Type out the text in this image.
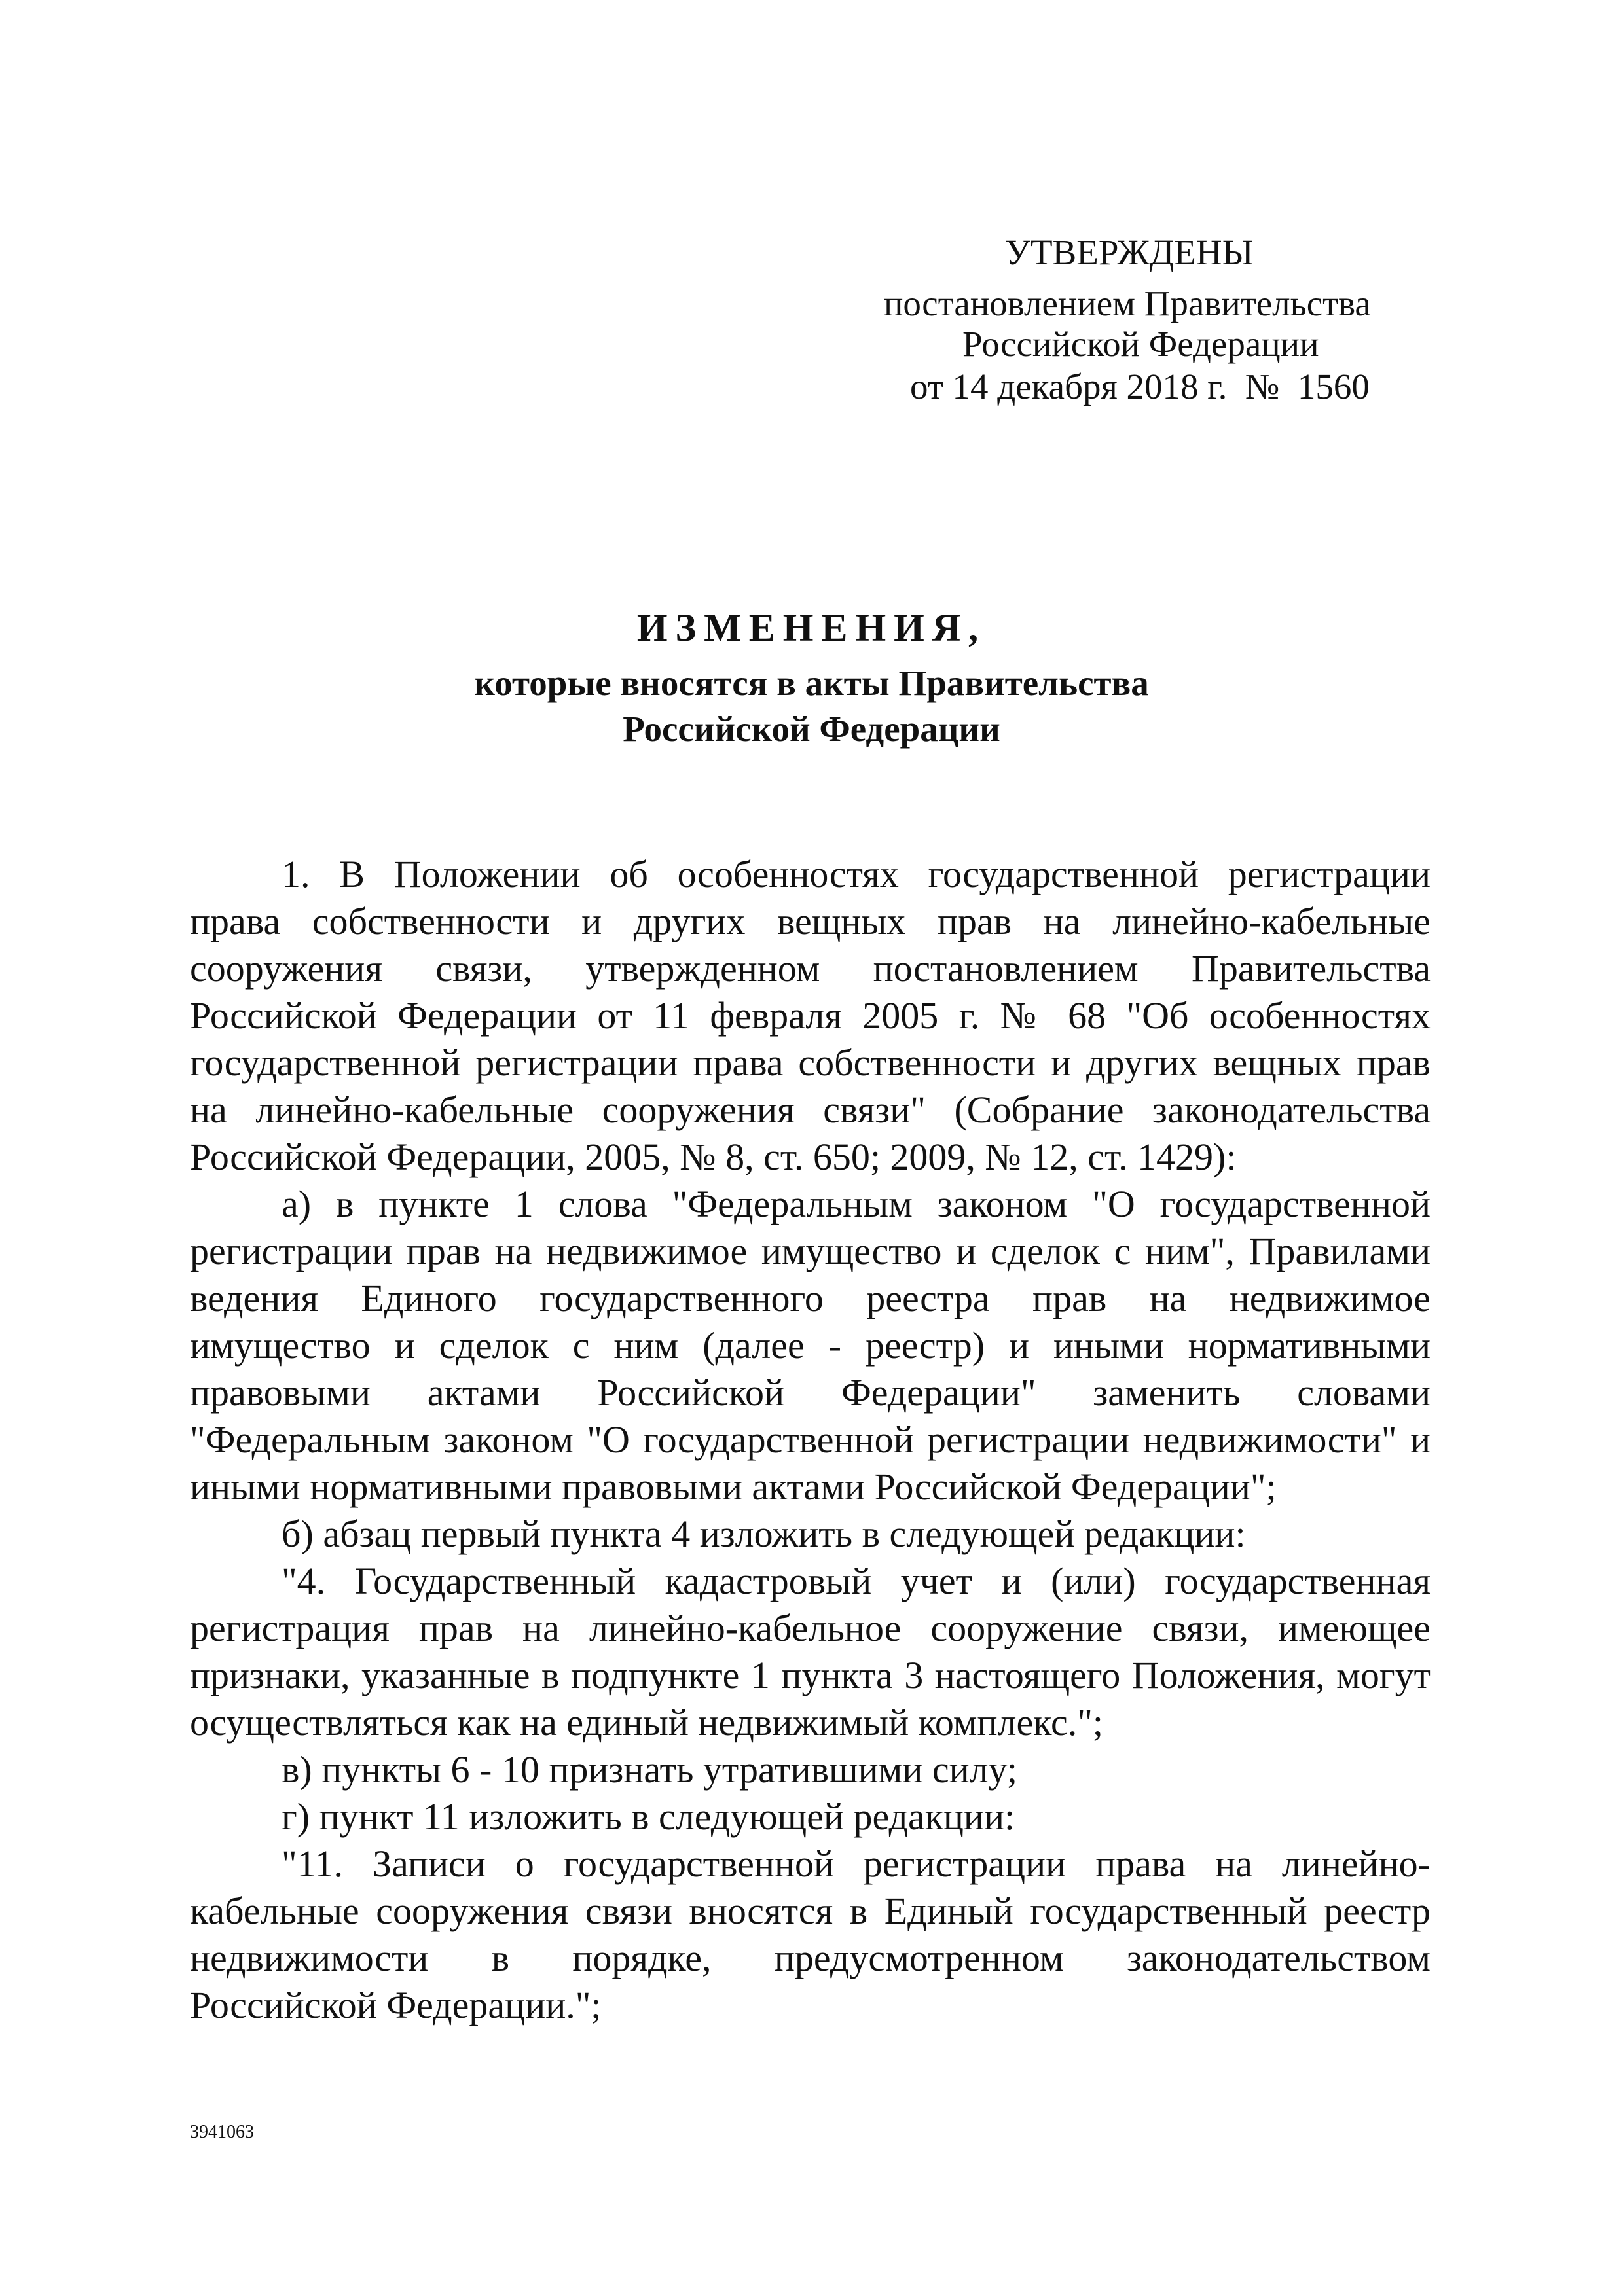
УТВЕРЖДЕНЫ
постановлением Правительства
Российской Федерации
от 14 декабря 2018 г.  №  1560
ИЗМЕНЕНИЯ,
которые вносятся в акты Правительства
Российской Федерации
1. В Положении об особенностях государственной регистрации
права собственности и других вещных прав на линейно-кабельные
сооружения связи, утвержденном постановлением Правительства
Российской Федерации от 11 февраля 2005 г. № 68 "Об особенностях
государственной регистрации права собственности и других вещных прав
на линейно-кабельные сооружения связи" (Собрание законодательства
Российской Федерации, 2005, № 8, ст. 650; 2009, № 12, ст. 1429):
а) в пункте 1 слова "Федеральным законом "О государственной
регистрации прав на недвижимое имущество и сделок с ним", Правилами
ведения Единого государственного реестра прав на недвижимое
имущество и сделок с ним (далее - реестр) и иными нормативными
правовыми актами Российской Федерации" заменить словами
"Федеральным законом "О государственной регистрации недвижимости" и
иными нормативными правовыми актами Российской Федерации";
б) абзац первый пункта 4 изложить в следующей редакции:
"4. Государственный кадастровый учет и (или) государственная
регистрация прав на линейно-кабельное сооружение связи, имеющее
признаки, указанные в подпункте 1 пункта 3 настоящего Положения, могут
осуществляться как на единый недвижимый комплекс.";
в) пункты 6 - 10 признать утратившими силу;
г) пункт 11 изложить в следующей редакции:
"11. Записи о государственной регистрации права на линейно-
кабельные сооружения связи вносятся в Единый государственный реестр
недвижимости в порядке, предусмотренном законодательством
Российской Федерации.";
3941063
